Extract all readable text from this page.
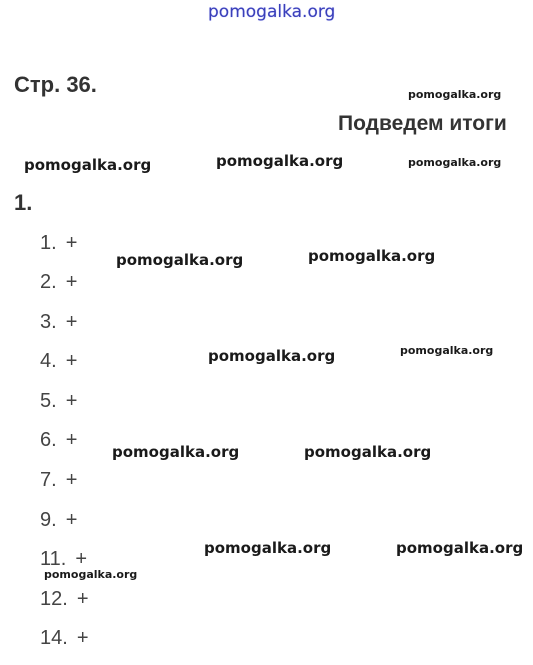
pomogalka.org
Стр. 36.	pomogalka.org
Подведем итоги
pomogalka.org	pomogalka.org	pomogalka.org
1.
1. +
2. +
3. +
4. +
5. +
6. +
7. +
9. +
11. +
12. +
14. +
pomogalka.org	pomogalka.org
pomogalka.org	pomogalka.org
pomogalka.org	pomogalka.org
pomogalka.org	pomogalka.org
pomogalka.org
